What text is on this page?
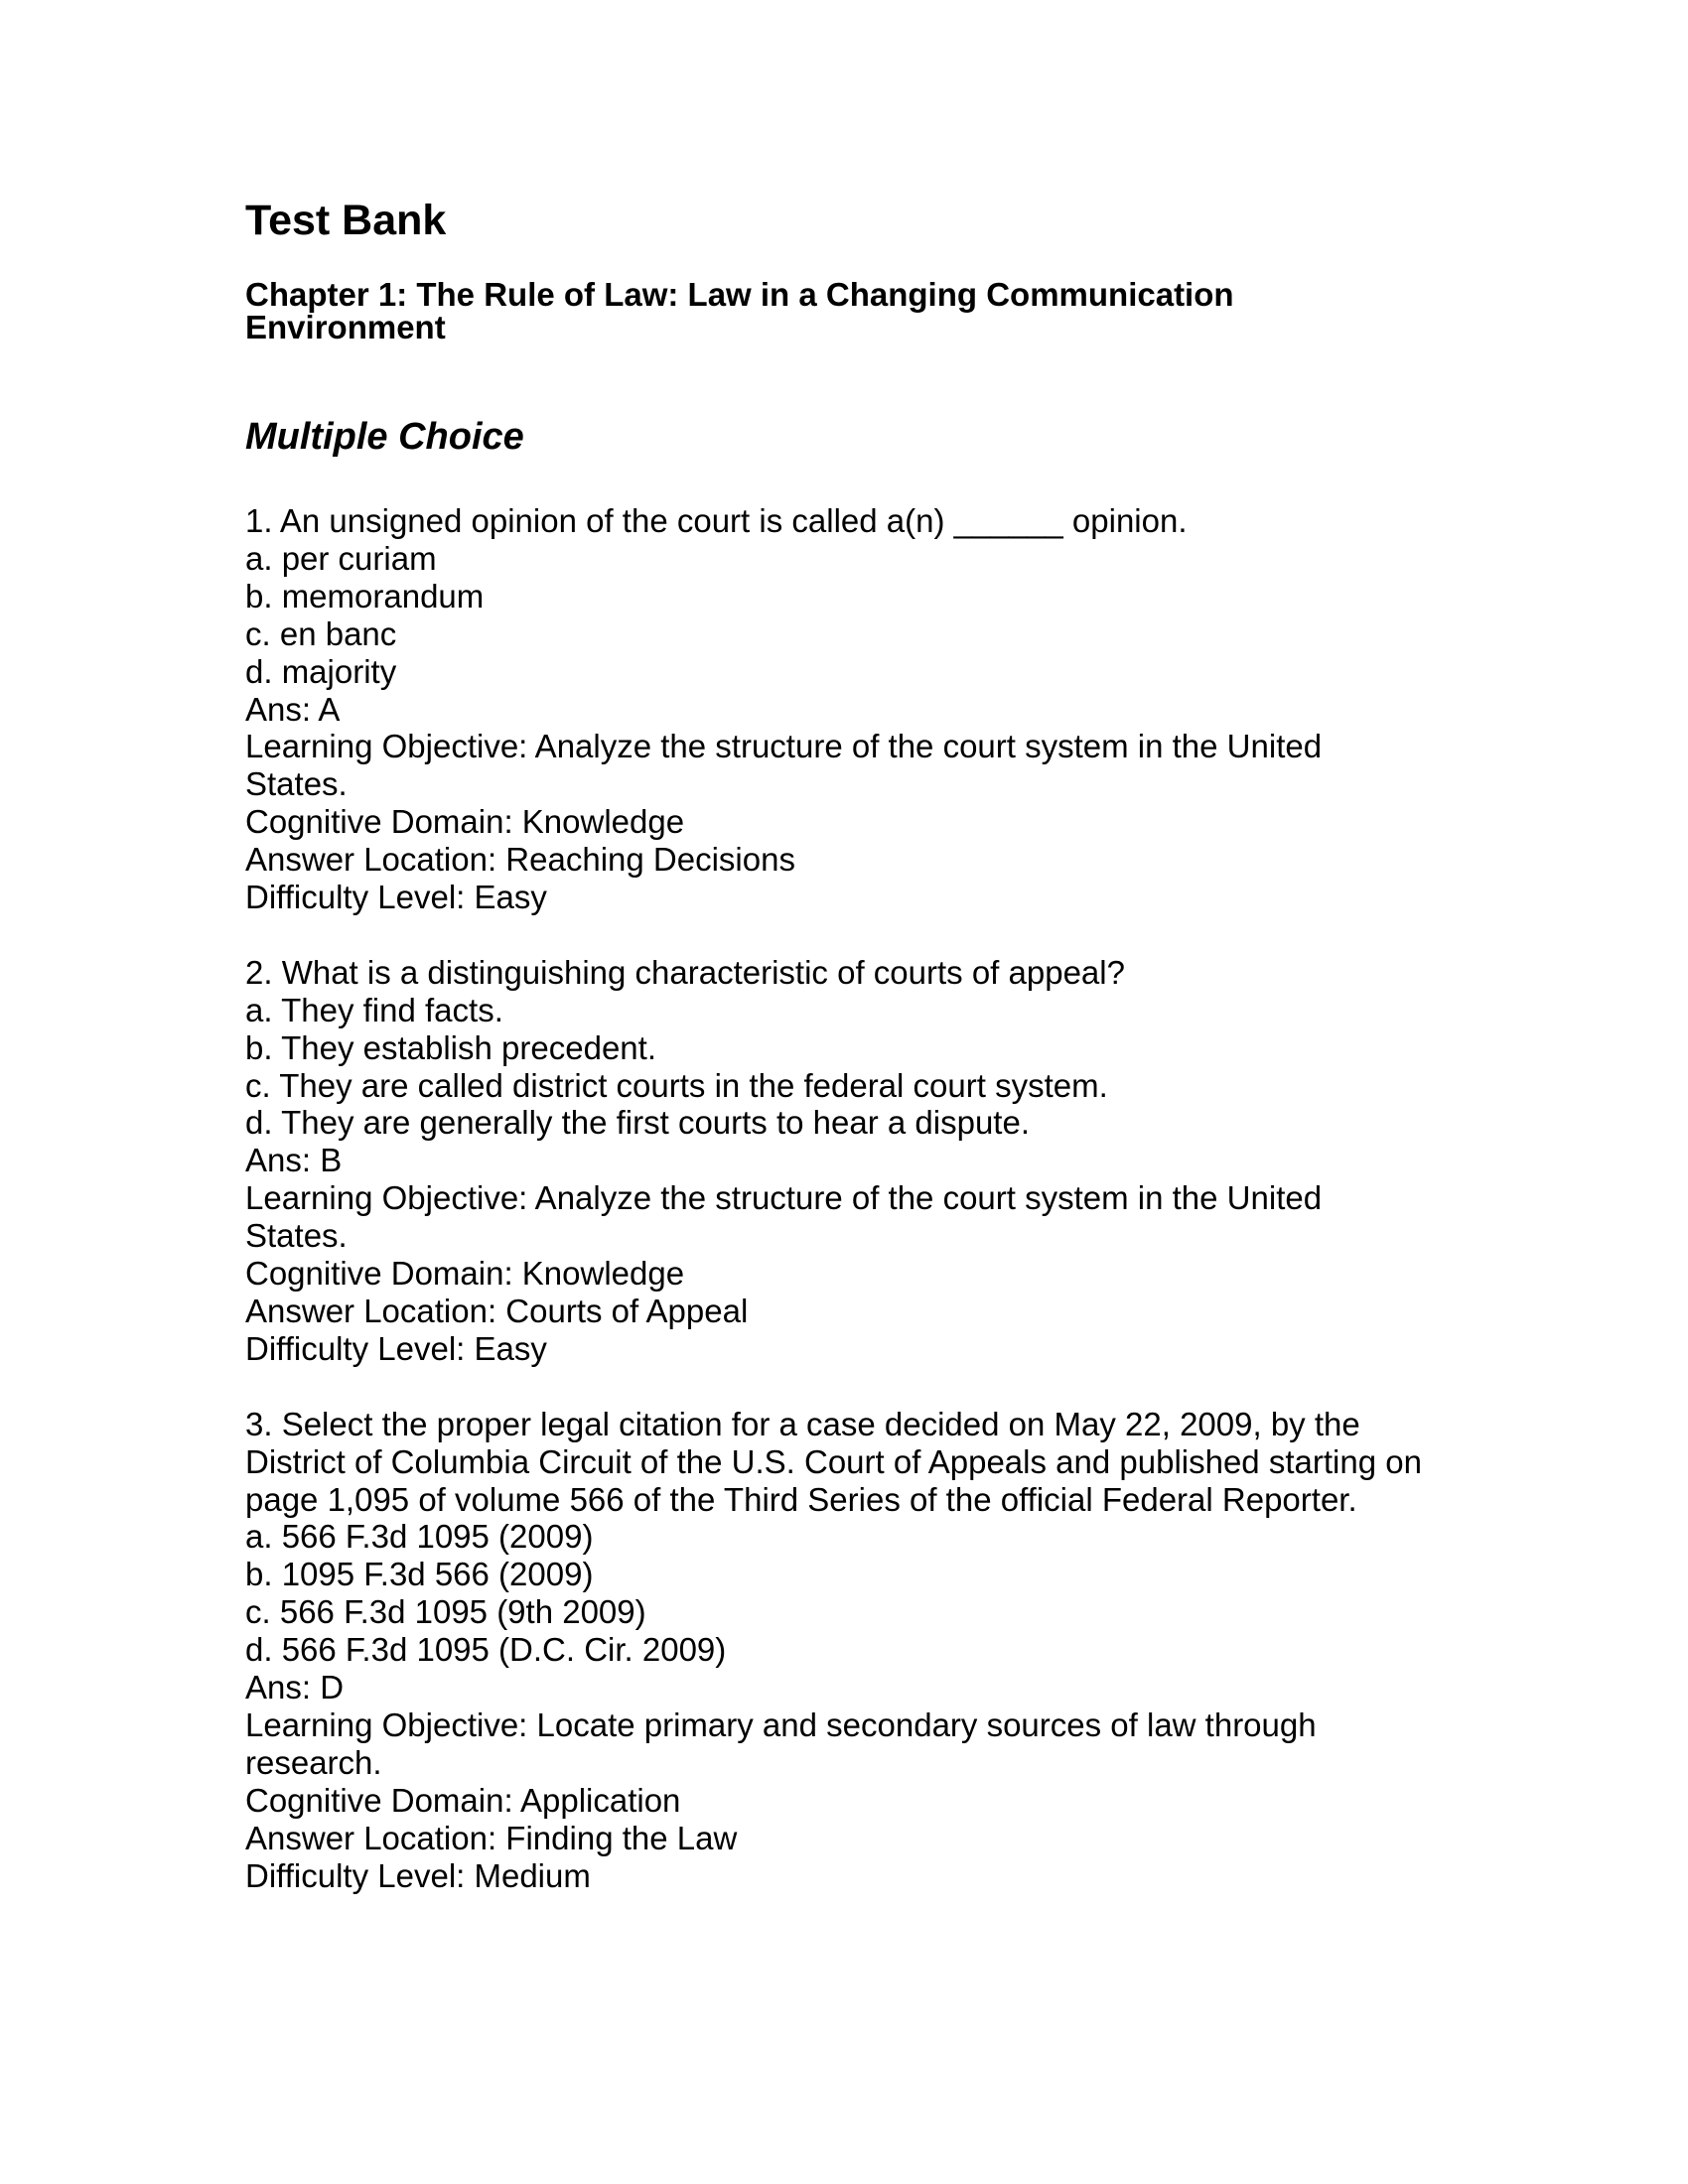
Test Bank
Chapter 1: The Rule of Law: Law in a Changing Communication
Environment
Multiple Choice
1. An unsigned opinion of the court is called a(n) ______ opinion.
a. per curiam
b. memorandum
c. en banc
d. majority
Ans: A
Learning Objective: Analyze the structure of the court system in the United States.
Cognitive Domain: Knowledge
Answer Location: Reaching Decisions
Difficulty Level: Easy
2. What is a distinguishing characteristic of courts of appeal?
a. They find facts.
b. They establish precedent.
c. They are called district courts in the federal court system.
d. They are generally the first courts to hear a dispute.
Ans: B
Learning Objective: Analyze the structure of the court system in the United States.
Cognitive Domain: Knowledge
Answer Location: Courts of Appeal
Difficulty Level: Easy
3. Select the proper legal citation for a case decided on May 22, 2009, by the District of Columbia Circuit of the U.S. Court of Appeals and published starting on page 1,095 of volume 566 of the Third Series of the official Federal Reporter.
a. 566 F.3d 1095 (2009)
b. 1095 F.3d 566 (2009)
c. 566 F.3d 1095 (9th 2009)
d. 566 F.3d 1095 (D.C. Cir. 2009)
Ans: D
Learning Objective: Locate primary and secondary sources of law through research.
Cognitive Domain: Application
Answer Location: Finding the Law
Difficulty Level: Medium
